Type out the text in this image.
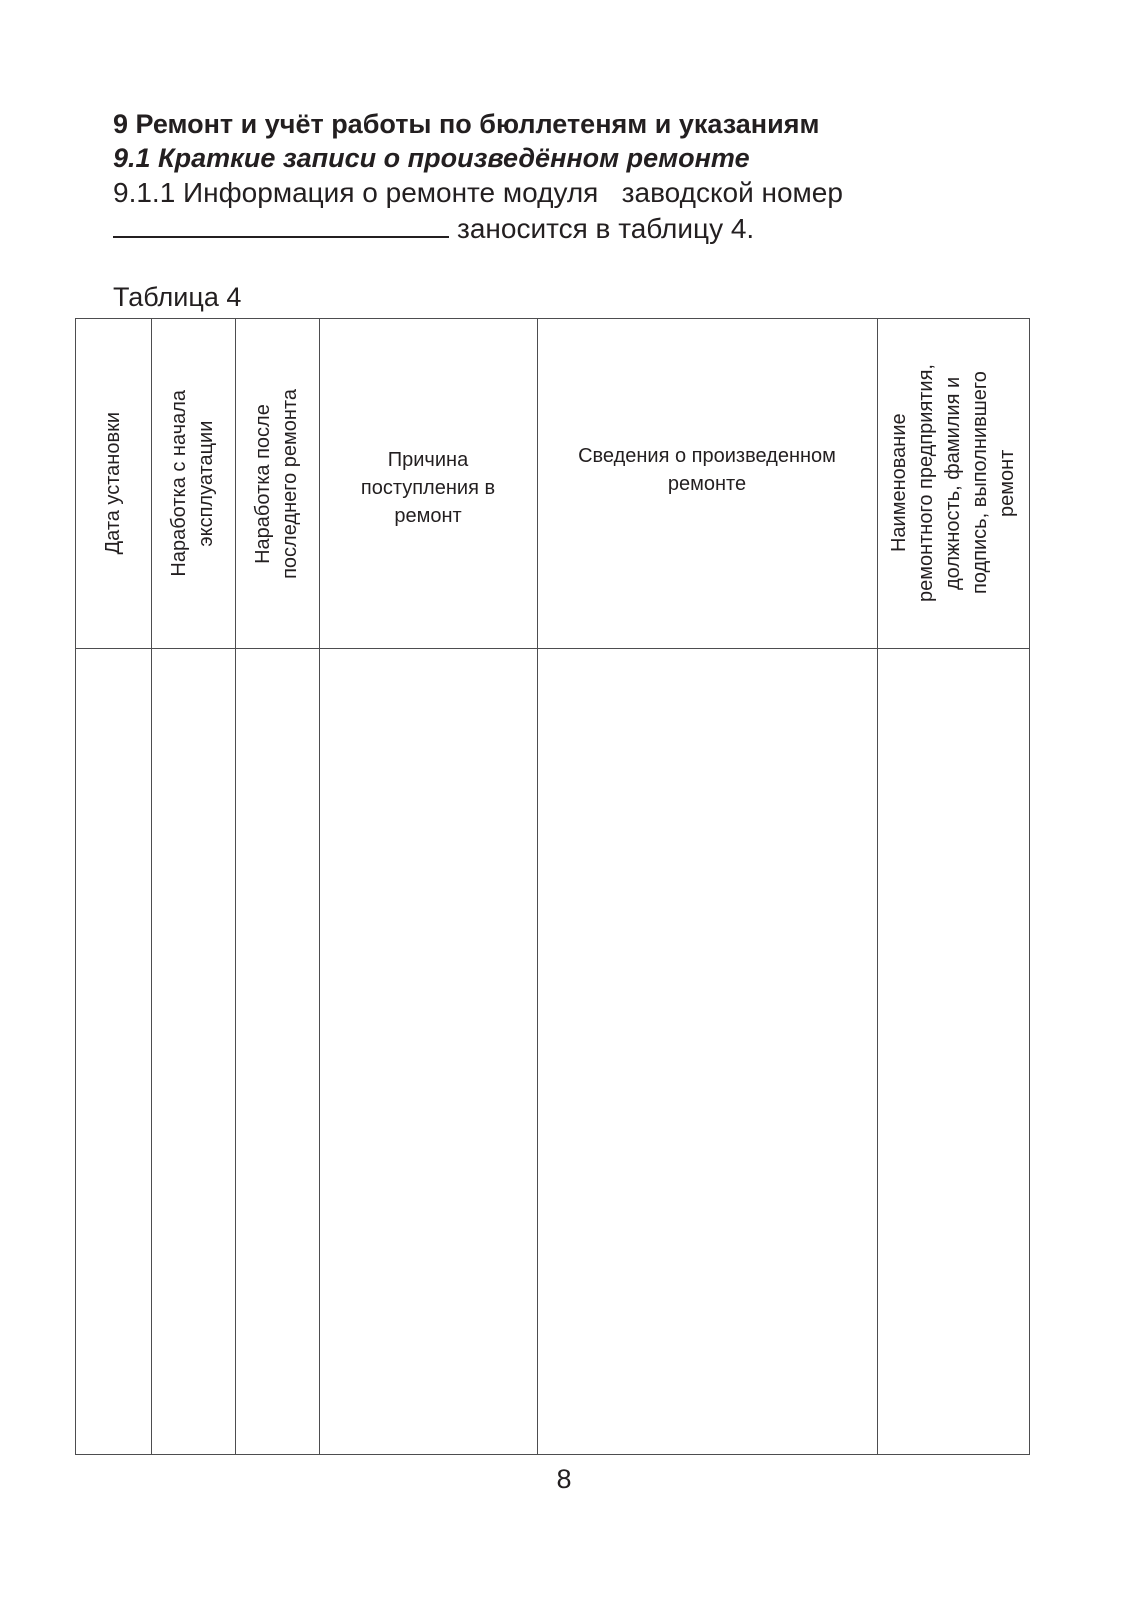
9 Ремонт и учёт работы по бюллетеням и указаниям
9.1 Краткие записи о произведённом ремонте
9.1.1 Информация о ремонте модуля   заводской номер
заносится в таблицу 4.
Таблица 4
Дата установки Наработка с начала эксплуатации Наработка после последнего ремонта	Причина
поступления в
ремонт
Сведения о произведенном
ремонте	Наименование ремонтного предприятия, должность, фамилия и подпись, выполнившего ремонт
8
